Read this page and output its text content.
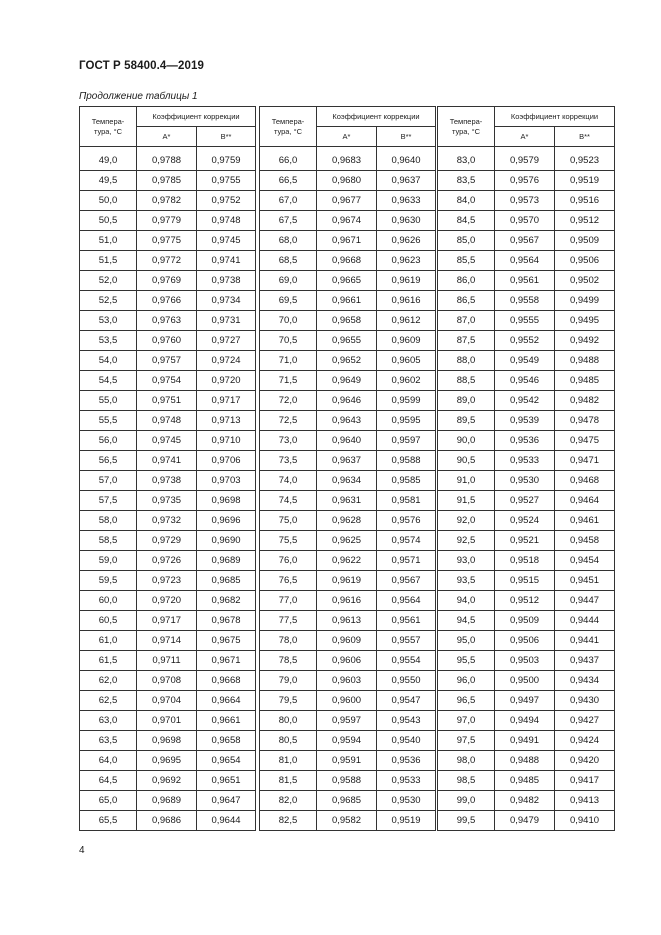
ГОСТ Р 58400.4—2019
Продолжение таблицы 1
Темпера-
тура, °С	Коэффициент коррекции	
	A*	B**
49,0	0,9788	0,9759
49,5	0,9785	0,9755
50,0	0,9782	0,9752
50,5	0,9779	0,9748
51,0	0,9775	0,9745
51,5	0,9772	0,9741
52,0	0,9769	0,9738
52,5	0,9766	0,9734
53,0	0,9763	0,9731
53,5	0,9760	0,9727
54,0	0,9757	0,9724
54,5	0,9754	0,9720
55,0	0,9751	0,9717
55,5	0,9748	0,9713
56,0	0,9745	0,9710
56,5	0,9741	0,9706
57,0	0,9738	0,9703
57,5	0,9735	0,9698
58,0	0,9732	0,9696
58,5	0,9729	0,9690
59,0	0,9726	0,9689
59,5	0,9723	0,9685
60,0	0,9720	0,9682
60,5	0,9717	0,9678
61,0	0,9714	0,9675
61,5	0,9711	0,9671
62,0	0,9708	0,9668
62,5	0,9704	0,9664
63,0	0,9701	0,9661
63,5	0,9698	0,9658
64,0	0,9695	0,9654
64,5	0,9692	0,9651
65,0	0,9689	0,9647
65,5	0,9686	0,9644
Темпера-
тура, °С	Коэффициент коррекции	
	A*	B**
66,0	0,9683	0,9640
66,5	0,9680	0,9637
67,0	0,9677	0,9633
67,5	0,9674	0,9630
68,0	0,9671	0,9626
68,5	0,9668	0,9623
69,0	0,9665	0,9619
69,5	0,9661	0,9616
70,0	0,9658	0,9612
70,5	0,9655	0,9609
71,0	0,9652	0,9605
71,5	0,9649	0,9602
72,0	0,9646	0,9599
72,5	0,9643	0,9595
73,0	0,9640	0,9597
73,5	0,9637	0,9588
74,0	0,9634	0,9585
74,5	0,9631	0,9581
75,0	0,9628	0,9576
75,5	0,9625	0,9574
76,0	0,9622	0,9571
76,5	0,9619	0,9567
77,0	0,9616	0,9564
77,5	0,9613	0,9561
78,0	0,9609	0,9557
78,5	0,9606	0,9554
79,0	0,9603	0,9550
79,5	0,9600	0,9547
80,0	0,9597	0,9543
80,5	0,9594	0,9540
81,0	0,9591	0,9536
81,5	0,9588	0,9533
82,0	0,9685	0,9530
82,5	0,9582	0,9519
Темпера-
тура, °С	Коэффициент коррекции	
	A*	B**
83,0	0,9579	0,9523
83,5	0,9576	0,9519
84,0	0,9573	0,9516
84,5	0,9570	0,9512
85,0	0,9567	0,9509
85,5	0,9564	0,9506
86,0	0,9561	0,9502
86,5	0,9558	0,9499
87,0	0,9555	0,9495
87,5	0,9552	0,9492
88,0	0,9549	0,9488
88,5	0,9546	0,9485
89,0	0,9542	0,9482
89,5	0,9539	0,9478
90,0	0,9536	0,9475
90,5	0,9533	0,9471
91,0	0,9530	0,9468
91,5	0,9527	0,9464
92,0	0,9524	0,9461
92,5	0,9521	0,9458
93,0	0,9518	0,9454
93,5	0,9515	0,9451
94,0	0,9512	0,9447
94,5	0,9509	0,9444
95,0	0,9506	0,9441
95,5	0,9503	0,9437
96,0	0,9500	0,9434
96,5	0,9497	0,9430
97,0	0,9494	0,9427
97,5	0,9491	0,9424
98,0	0,9488	0,9420
98,5	0,9485	0,9417
99,0	0,9482	0,9413
99,5	0,9479	0,9410
4
